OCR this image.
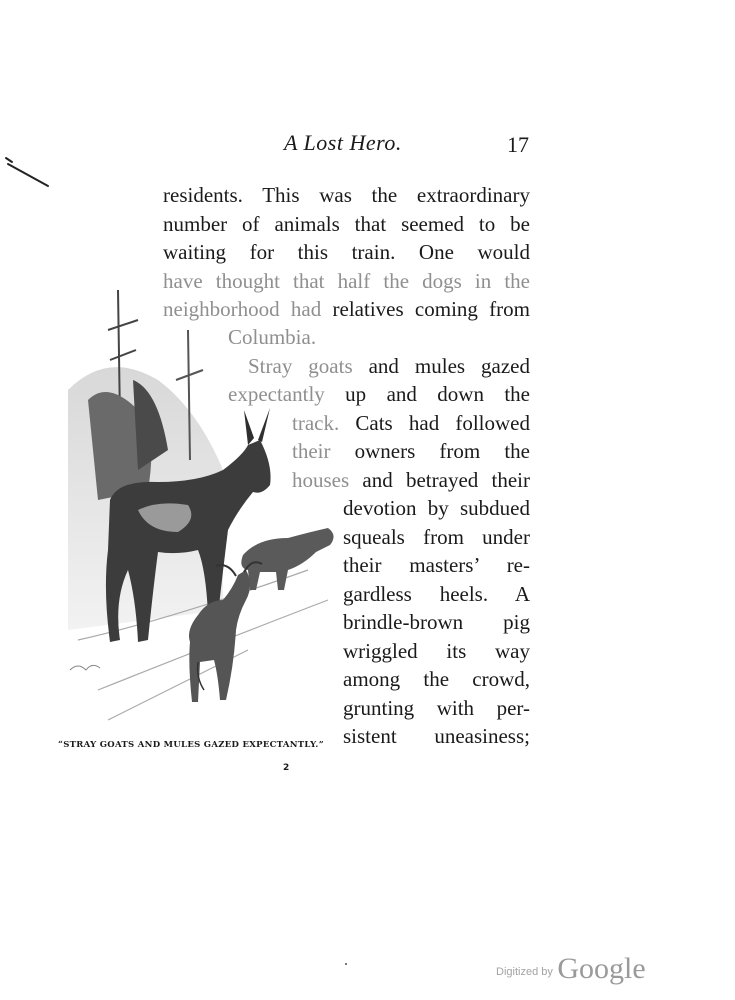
A Lost Hero.	17
residents. This was the extraordinary
number of animals that seemed to be
waiting for this train. One would
have thought that half the dogs in the
neighborhood had relatives coming from
Columbia.
Stray goats and mules gazed
expectantly up and down the
track. Cats had followed
their owners from the
houses and betrayed their
devotion by subdued
squeals from under
their masters’ re-
gardless heels. A
brindle-brown pig
wriggled its way
among the crowd,
grunting with per-
sistent uneasiness;
“STRAY GOATS AND MULES GAZED EXPECTANTLY.”
2
Digitized by Google
